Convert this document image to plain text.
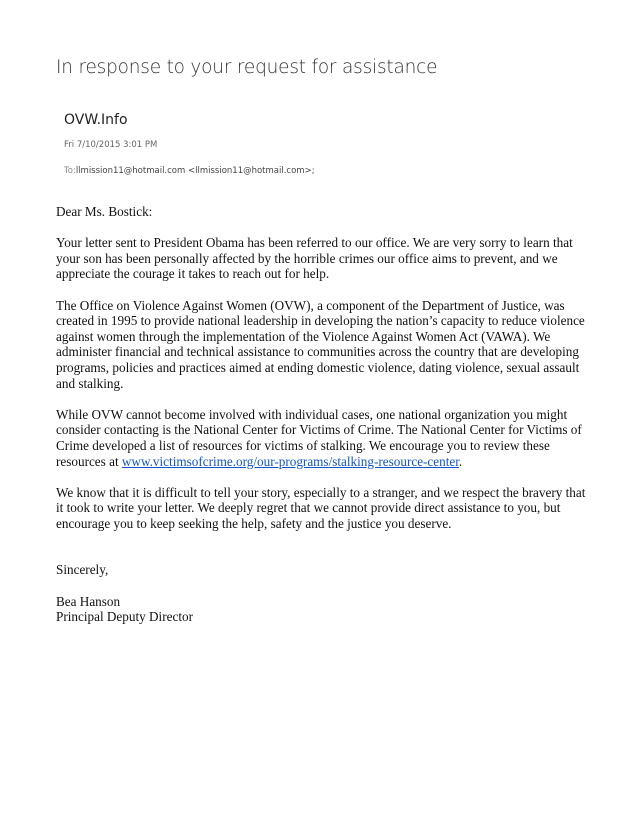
In response to your request for assistance
OVW.Info
Fri 7/10/2015 3:01 PM
To:llmission11@hotmail.com <llmission11@hotmail.com>;

Dear Ms. Bostick:

Your letter sent to President Obama has been referred to our office. We are very sorry to learn that your son has been personally affected by the horrible crimes our office aims to prevent, and we appreciate the courage it takes to reach out for help.

The Office on Violence Against Women (OVW), a component of the Department of Justice, was created in 1995 to provide national leadership in developing the nation’s capacity to reduce violence against women through the implementation of the Violence Against Women Act (VAWA). We administer financial and technical assistance to communities across the country that are developing programs, policies and practices aimed at ending domestic violence, dating violence, sexual assault and stalking.

While OVW cannot become involved with individual cases, one national organization you might consider contacting is the National Center for Victims of Crime. The National Center for Victims of Crime developed a list of resources for victims of stalking. We encourage you to review these resources at www.victimsofcrime.org/our-programs/stalking-resource-center.

We know that it is difficult to tell your story, especially to a stranger, and we respect the bravery that it took to write your letter. We deeply regret that we cannot provide direct assistance to you, but encourage you to keep seeking the help, safety and the justice you deserve.

Sincerely,

Bea Hanson

Principal Deputy Director
